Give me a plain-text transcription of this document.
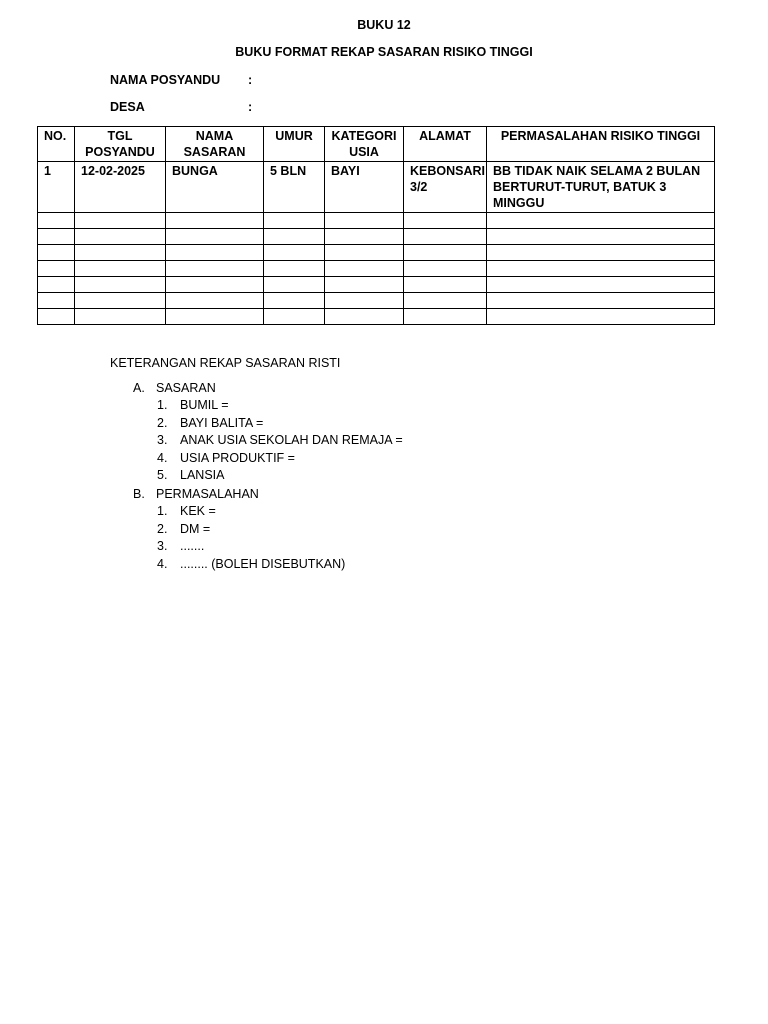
BUKU 12
BUKU FORMAT REKAP SASARAN RISIKO TINGGI
NAMA POSYANDU :
DESA	:
NO.	TGL POSYANDU	NAMA SASARAN	UMUR	KATEGORI USIA	ALAMAT	PERMASALAHAN RISIKO TINGGI
1	12-02-2025	BUNGA	5 BLN	BAYI	KEBONSARI 3/2	BB TIDAK NAIK SELAMA 2 BULAN BERTURUT-TURUT, BATUK 3 MINGGU

KETERANGAN REKAP SASARAN RISTI
A. SASARAN
1. BUMIL =
2. BAYI BALITA =
3. ANAK USIA SEKOLAH DAN REMAJA =
4. USIA PRODUKTIF =
5. LANSIA
B. PERMASALAHAN
1. KEK =
2. DM =
3. .......
4. ........ (BOLEH DISEBUTKAN)
